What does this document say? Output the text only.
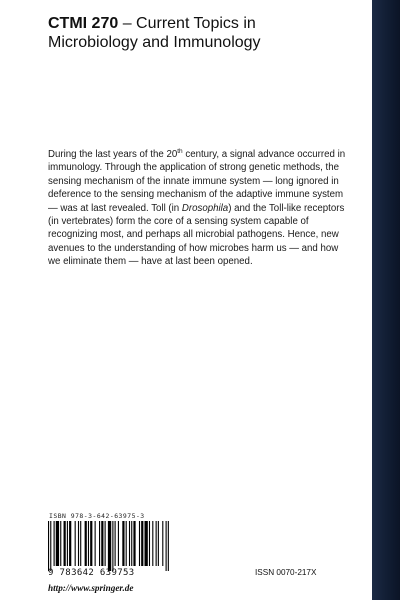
CTMI 270 – Current Topics in Microbiology and Immunology
During the last years of the 20th century, a signal advance occurred in immunology. Through the application of strong genetic methods, the sensing mechanism of the innate immune system — long ignored in deference to the sensing mechanism of the adaptive immune system — was at last revealed. Toll (in Drosophila) and the Toll-like receptors (in vertebrates) form the core of a sensing system capable of recognizing most, and perhaps all microbial pathogens. Hence, new avenues to the understanding of how microbes harm us — and how we eliminate them — have at last been opened.
ISBN 978-3-642-63975-3
9 783642 639753	ISSN 0070-217X
http://www.springer.de
